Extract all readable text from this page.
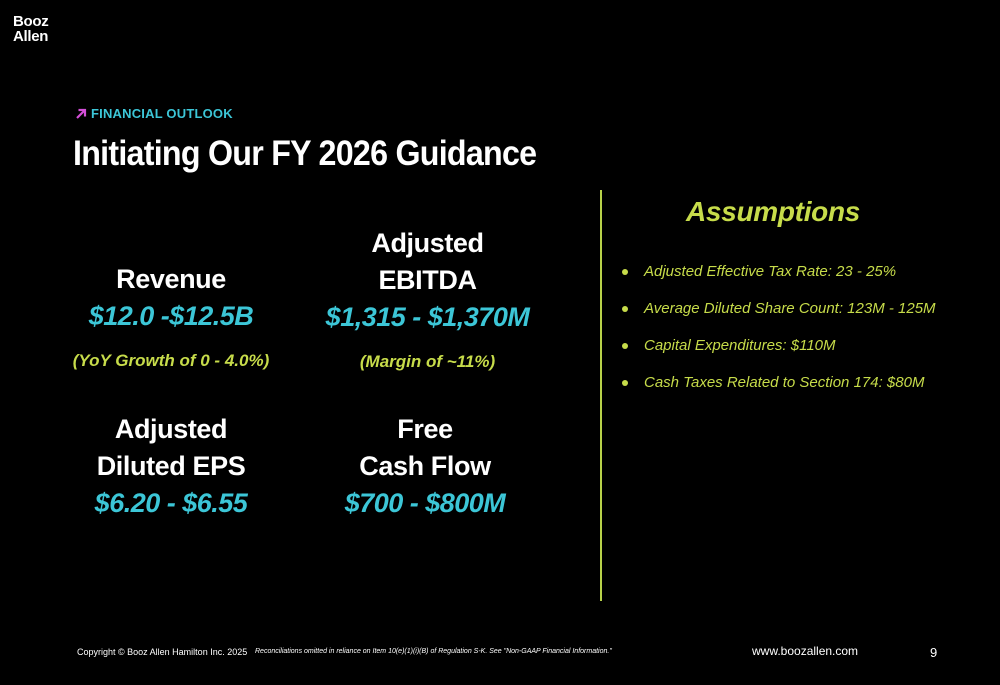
Booz
Allen
FINANCIAL OUTLOOK
Initiating Our FY 2026 Guidance
Revenue
$12.0 -$12.5B
(YoY Growth of 0 - 4.0%)
Adjusted
EBITDA
$1,315 - $1,370M
(Margin of ~11%)
Adjusted
Diluted EPS
$6.20 - $6.55
Free
Cash Flow
$700 - $800M
Assumptions
Adjusted Effective Tax Rate: 23 - 25%
Average Diluted Share Count: 123M - 125M
Capital Expenditures: $110M
Cash Taxes Related to Section 174: $80M
Copyright © Booz Allen Hamilton Inc. 2025 Reconciliations omitted in reliance on Item 10(e)(1)(i)(B) of Regulation S-K. See "Non-GAAP Financial Information."	www.boozallen.com	9
